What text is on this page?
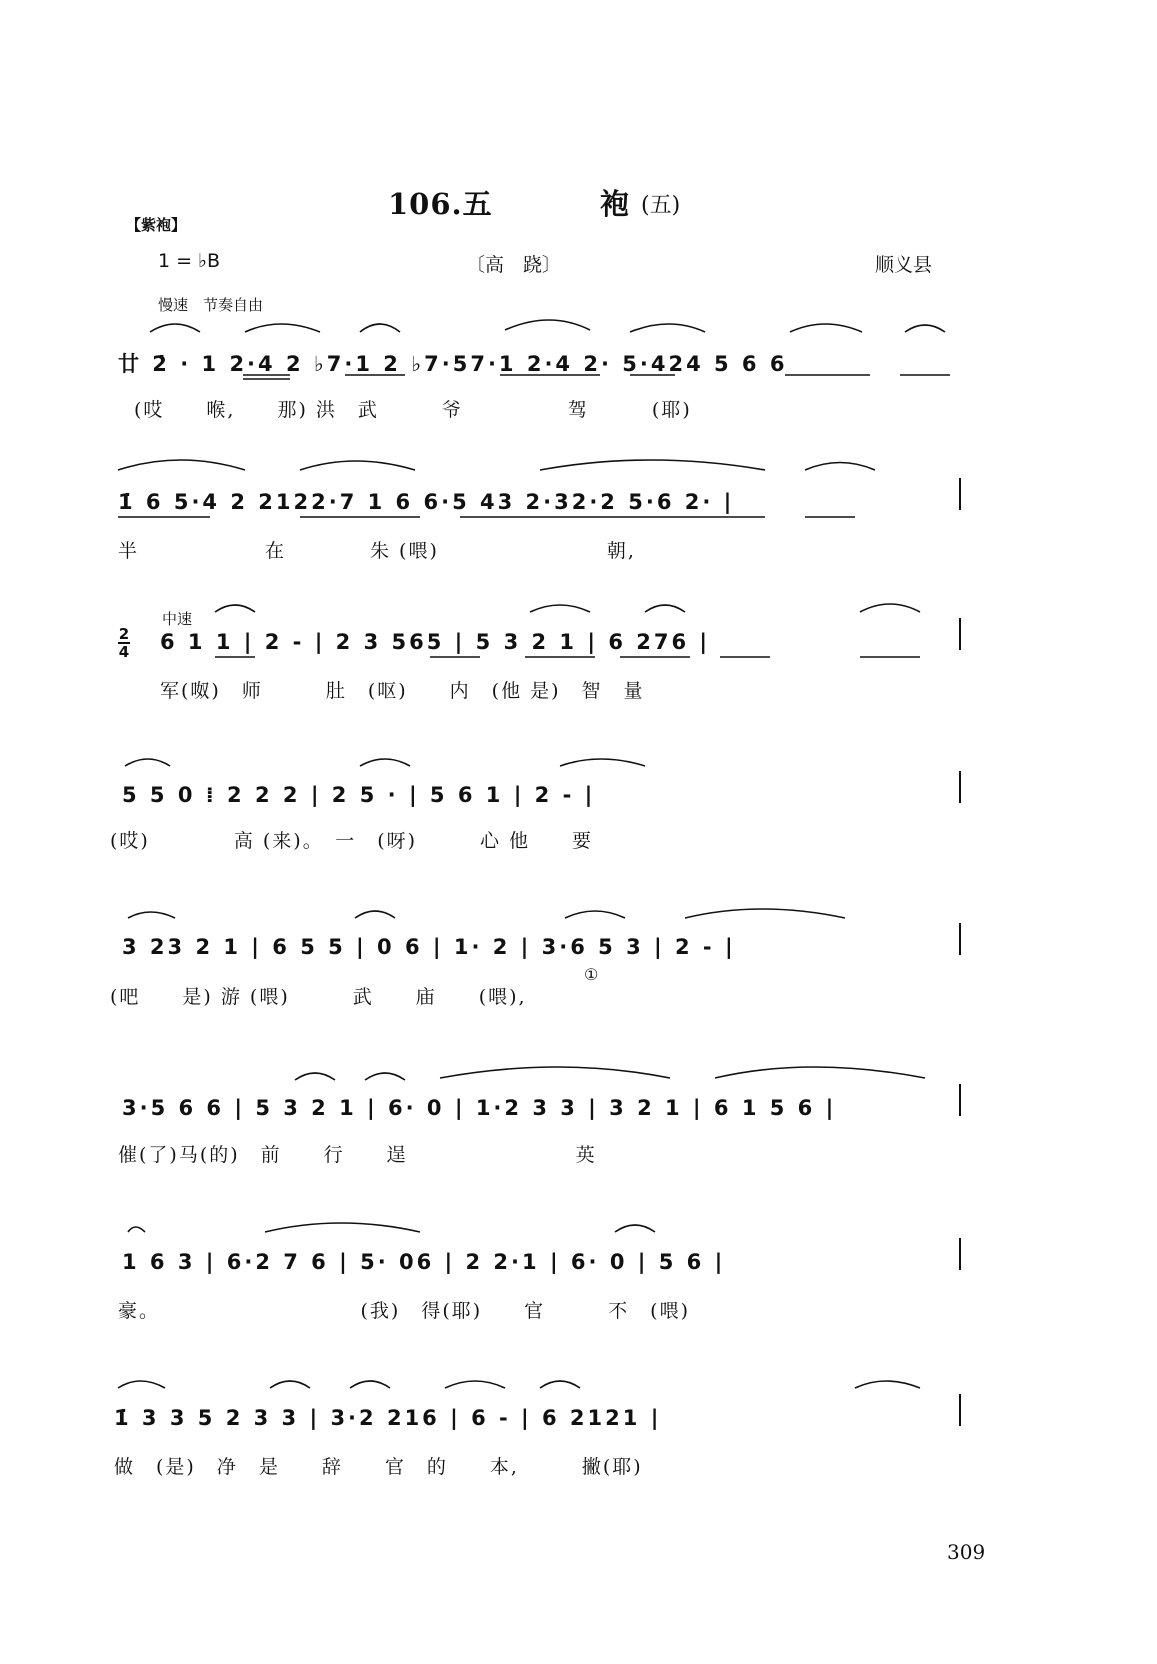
106.五	袍 (五)
【紫袍】
1 = ♭B	〔高　跷〕	顺义县
慢速　节奏自由
廿 2̇ · 1 2·4 2 ♭7·1 2 ♭7·57·1 2·4 2· 5·424 5 6 6
(哎　　喉,　　那) 洪　武　　　爷　　　　　驾　　　(耶)
1̇ 6 5·4 2 2122·7 1 6 6·5 43 2·32·2 5·6 2· |
半　　　　　　在　　　　朱 (喂)　　　　　　　　朝,
中速
2
4 6 1 1 | 2 - | 2 3 565 | 5 3 2 1 | 6 276 |
军(呶)　师　　　肚　(呕)　　内　(他 是)　智　量
5 5 0 ⁞ 2 2 2 | 2 5 · | 5 6 1 | 2 - |
(哎)　　　　高 (来)。　一　(呀)　　　心 他　　要
3 23 2 1 | 6 5 5 | 0 6 | 1· 2 | 3·6 5 3 | 2 - |
(吧　　是) 游 (喂)　　　武　　庙　　(喂),
①
3·5 6 6 | 5 3 2 1 | 6· 0 | 1·2 3 3 | 3 2 1 | 6 1 5 6 |
催(了)马(的)　前　　行　　逞　　　　　　　　英
1 6 3 | 6·2 7 6 | 5· 06 | 2 2·1 | 6· 0 | 5 6 |
豪。　　　　　　　　　　(我)　得(耶)　　官　　　不　(喂)
1̇ 3 3 5 2 3 3 | 3·2 216 | 6 - | 6 2121 |
做　(是)　净　是　　辞　　官　的　　本,　　　撇(耶)
309
